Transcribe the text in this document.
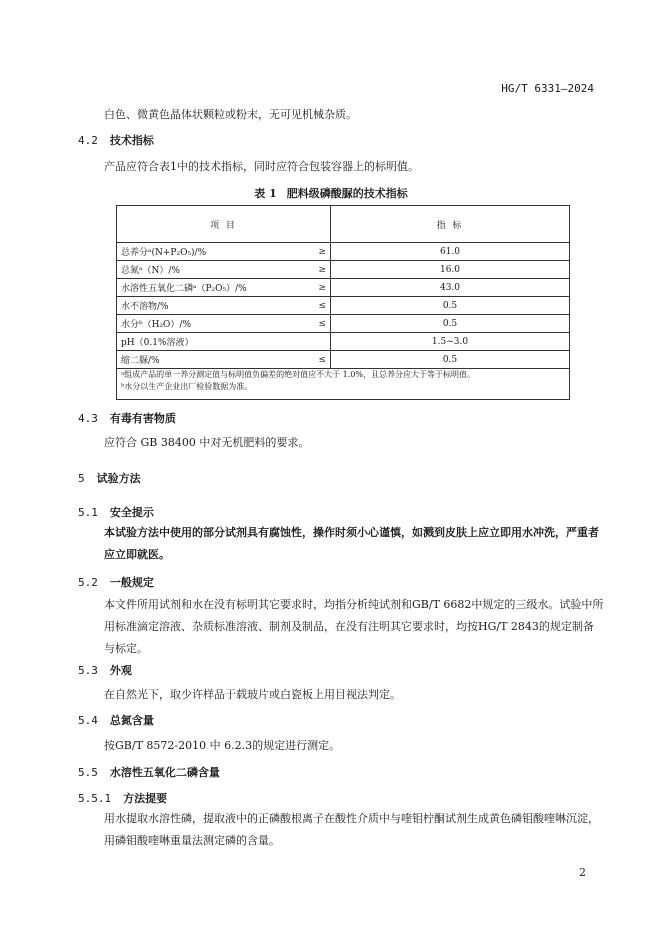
HG/T 6331—2024
白色、微黄色晶体状颗粒或粉末，无可见机械杂质。
4.2 技术指标
产品应符合表1中的技术指标，同时应符合包装容器上的标明值。
表 1 肥料级磷酸脲的技术指标
项 目		指 标
总养分ᵃ(N+P₂O₅)/%	≥	61.0
总氮ᵃ（N）/%	≥	16.0
水溶性五氧化二磷ᵃ（P₂O₅）/%	≥	43.0
水不溶物/%	≤	0.5
水分ᵇ（H₂O）/%	≤	0.5
pH（0.1%溶液）		1.5~3.0
缩二脲/%	≤	0.5

ᵃ组成产品的单一养分测定值与标明值负偏差的绝对值应不大于 1.0%，且总养分应大于等于标明值。
ᵇ水分以生产企业出厂检验数据为准。		
4.3 有毒有害物质
应符合 GB 38400 中对无机肥料的要求。
5 试验方法
5.1 安全提示
本试验方法中使用的部分试剂具有腐蚀性，操作时须小心谨慎，如溅到皮肤上应立即用水冲洗，严重者应立即就医。
5.2 一般规定
本文件所用试剂和水在没有标明其它要求时，均指分析纯试剂和GB/T 6682中规定的三级水。试验中所用标准滴定溶液、杂质标准溶液、制剂及制品，在没有注明其它要求时，均按HG/T 2843的规定制备与标定。
5.3 外观
在自然光下，取少许样品于载玻片或白瓷板上用目视法判定。
5.4 总氮含量
按GB/T 8572-2010 中 6.2.3的规定进行测定。
5.5 水溶性五氧化二磷含量
5.5.1 方法提要
用水提取水溶性磷，提取液中的正磷酸根离子在酸性介质中与喹钼柠酮试剂生成黄色磷钼酸喹啉沉淀，用磷钼酸喹啉重量法测定磷的含量。
2
